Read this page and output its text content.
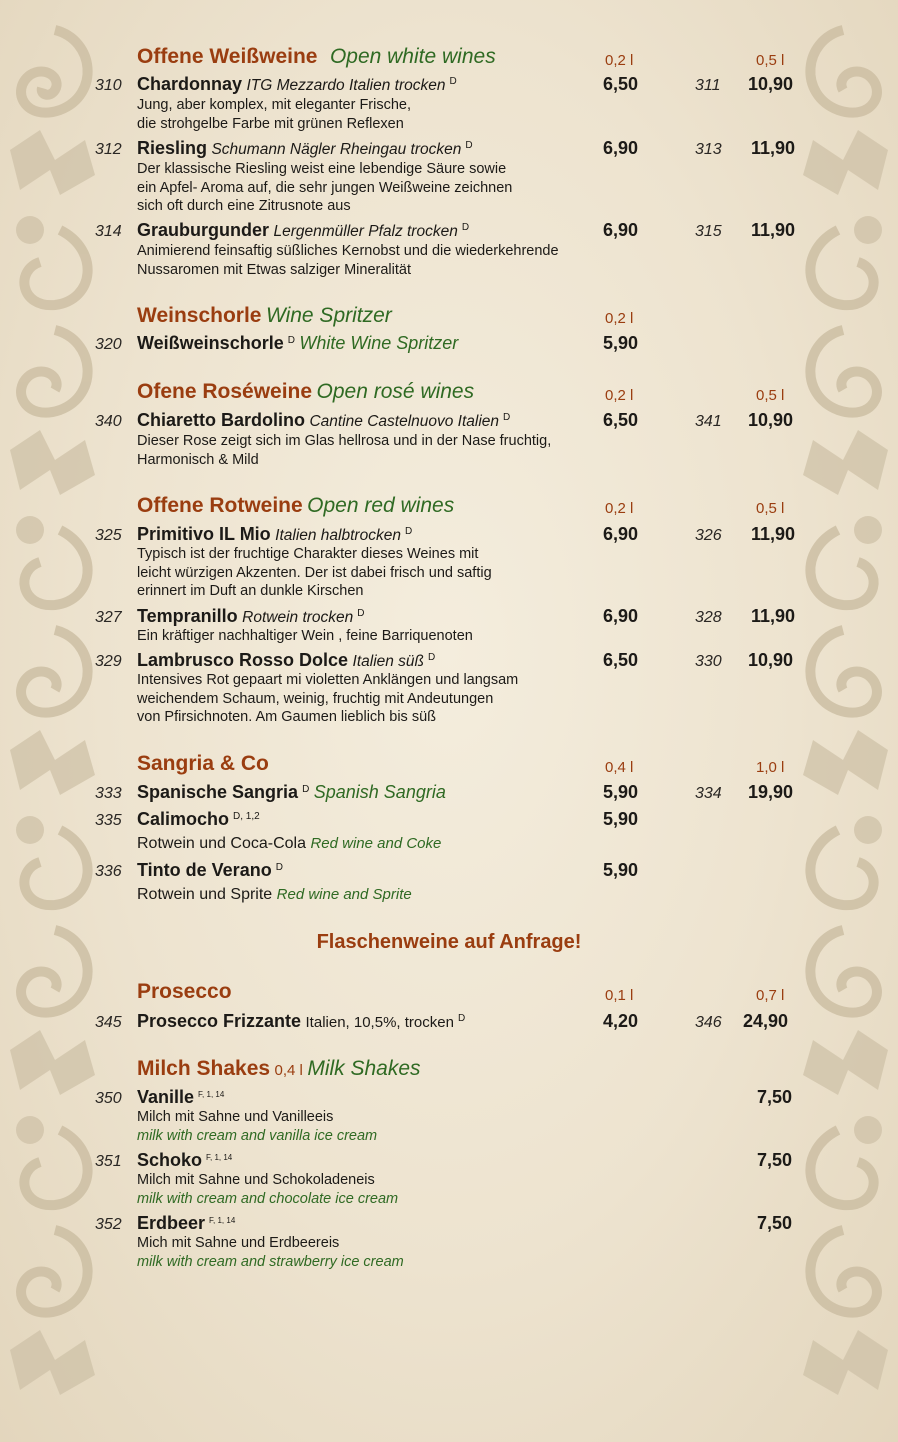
Offene Weißweine Open white wines	0,2 l	0,5 l
310 Chardonnay ITG Mezzardo Italien trocken $^D$	6,50	311 10,90
Jung, aber komplex, mit eleganter Frische,
die strohgelbe Farbe mit grünen Reflexen
312 Riesling Schumann Nägler Rheingau trocken $^D$	6,90	313 11,90
Der klassische Riesling weist eine lebendige Säure sowie
ein Apfel- Aroma auf, die sehr jungen Weißweine zeichnen
sich oft durch eine Zitrusnote aus
314 Grauburgunder Lergenmüller Pfalz trocken $^D$	6,90	315 11,90
Animierend feinsaftig süßliches Kernobst und die wiederkehrende
Nussaromen mit Etwas salziger Mineralität
Weinschorle Wine Spritzer	0,2 l
320 Weißweinschorle $^D$ White Wine Spritzer	5,90
Ofene Roséweine Open rosé wines	0,2 l	0,5 l
340 Chiaretto Bardolino Cantine Castelnuovo Italien $^D$	6,50	341 10,90
Dieser Rose zeigt sich im Glas hellrosa und in der Nase fruchtig,
Harmonisch & Mild
Offene Rotweine Open red wines	0,2 l	0,5 l
325 Primitivo IL Mio Italien halbtrocken $^D$	6,90	326 11,90
Typisch ist der fruchtige Charakter dieses Weines mit
leicht würzigen Akzenten. Der ist dabei frisch und saftig
erinnert im Duft an dunkle Kirschen
327 Tempranillo Rotwein trocken $^D$	6,90	328 11,90
Ein kräftiger nachhaltiger Wein , feine Barriquenoten
329 Lambrusco Rosso Dolce Italien süß $^D$	6,50	330 10,90
Intensives Rot gepaart mi violetten Anklängen und langsam
weichendem Schaum, weinig, fruchtig mit Andeutungen
von Pfirsichnoten. Am Gaumen lieblich bis süß
Sangria & Co	0,4 l	1,0 l
333 Spanische Sangria $^D$ Spanish Sangria	5,90	334 19,90
335 Calimocho $^{D, 1,2}$	5,90
Rotwein und Coca-Cola Red wine and Coke
336 Tinto de Verano $^D$	5,90
Rotwein und Sprite Red wine and Sprite
Flaschenweine auf Anfrage!
Prosecco	0,1 l	0,7 l
345 Prosecco Frizzante Italien, 10,5%, trocken $^D$	4,20	346 24,90
Milch Shakes 0,4 l Milk Shakes
350 Vanille $^{F, 1, 14}$	7,50
Milch mit Sahne und Vanilleeis
milk with cream and vanilla ice cream
351 Schoko $^{F, 1, 14}$	7,50
Milch mit Sahne und Schokoladeneis
milk with cream and chocolate ice cream
352 Erdbeer $^{F, 1, 14}$	7,50
Mich mit Sahne und Erdbeereis
milk with cream and strawberry ice cream
